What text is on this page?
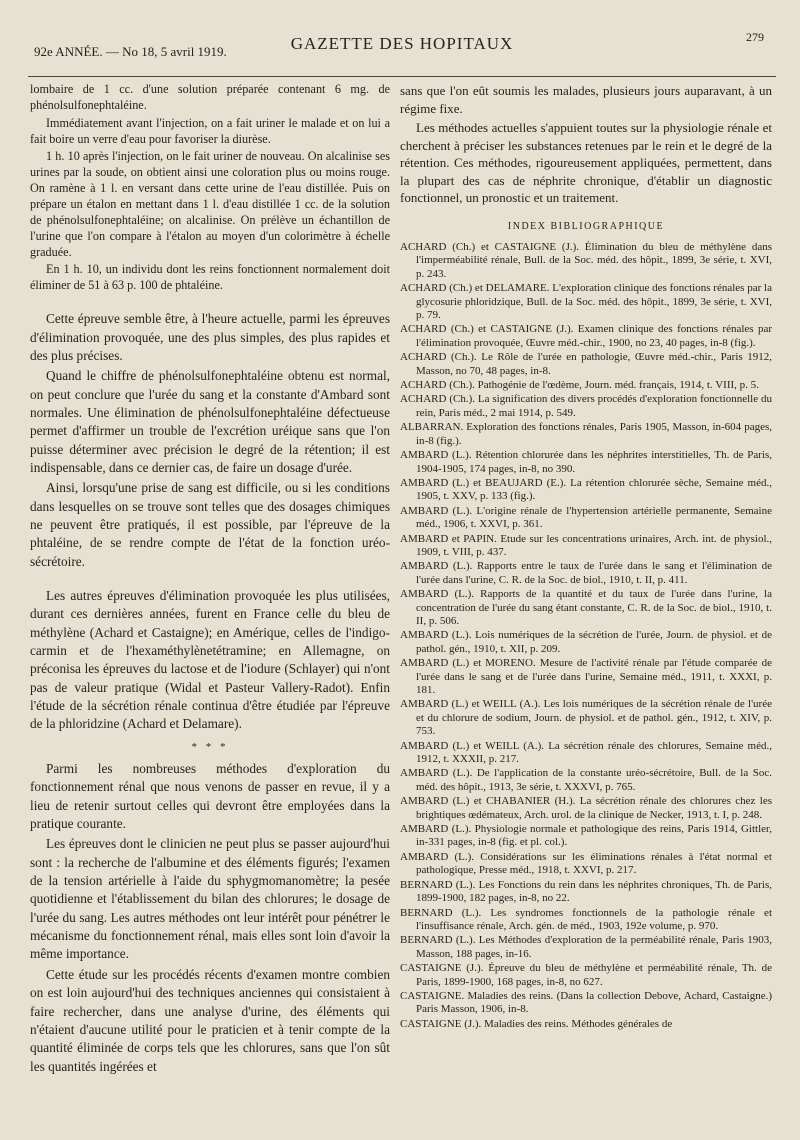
92e ANNÉE. — No 18, 5 avril 1919.	GAZETTE DES HOPITAUX	279

lombaire de 1 cc. d'une solution préparée contenant 6 mg. de phénolsulfonephtaléine.

Immédiatement avant l'injection, on a fait uriner le malade et on lui a fait boire un verre d'eau pour favoriser la diurèse.

1 h. 10 après l'injection, on le fait uriner de nouveau. On alcalinise ses urines par la soude, on obtient ainsi une coloration plus ou moins rouge. On ramène à 1 l. en versant dans cette urine de l'eau distillée. Puis on prépare un étalon en mettant dans 1 l. d'eau distillée 1 cc. de la solution de phénolsulfonephtaléine; on alcalinise. On prélève un échantillon de l'urine que l'on compare à l'étalon au moyen d'un colorimètre à échelle graduée.

En 1 h. 10, un individu dont les reins fonctionnent normalement doit éliminer de 51 à 63 p. 100 de phtaléine.

Cette épreuve semble être, à l'heure actuelle, parmi les épreuves d'élimination provoquée, une des plus simples, des plus rapides et des plus précises.

Quand le chiffre de phénolsulfonephtaléine obtenu est normal, on peut conclure que l'urée du sang et la constante d'Ambard sont normales. Une élimination de phénolsulfonephtaléine défectueuse permet d'affirmer un trouble de l'excrétion uréique sans que l'on puisse déterminer avec précision le degré de la rétention; il est indispensable, dans ce dernier cas, de faire un dosage d'urée.

Ainsi, lorsqu'une prise de sang est difficile, ou si les conditions dans lesquelles on se trouve sont telles que des dosages chimiques ne peuvent être pratiqués, il est possible, par l'épreuve de la phtaléine, de se rendre compte de l'état de la fonction uréo-sécrétoire.

Les autres épreuves d'élimination provoquée les plus utilisées, durant ces dernières années, furent en France celle du bleu de méthylène (Achard et Castaigne); en Amérique, celles de l'indigo-carmin et de l'hexaméthylènetétramine; en Allemagne, on préconisa les épreuves du lactose et de l'iodure (Schlayer) qui n'ont pas de valeur pratique (Widal et Pasteur Vallery-Radot). Enfin l'étude de la sécrétion rénale continua d'être étudiée par l'épreuve de la phloridzine (Achard et Delamare).

* * *

Parmi les nombreuses méthodes d'exploration du fonctionnement rénal que nous venons de passer en revue, il y a lieu de retenir surtout celles qui devront être employées dans la pratique courante.

Les épreuves dont le clinicien ne peut plus se passer aujourd'hui sont : la recherche de l'albumine et des éléments figurés; l'examen de la tension artérielle à l'aide du sphygmomanomètre; la pesée quotidienne et l'établissement du bilan des chlorures; le dosage de l'urée du sang. Les autres méthodes ont leur intérêt pour pénétrer le mécanisme du fonctionnement rénal, mais elles sont loin d'avoir la même importance.

Cette étude sur les procédés récents d'examen montre combien on est loin aujourd'hui des techniques anciennes qui consistaient à faire rechercher, dans une analyse d'urine, des éléments qui n'étaient d'aucune utilité pour le praticien et à tenir compte de la quantité éliminée de corps tels que les chlorures, sans que l'on sût les quantités ingérées et

sans que l'on eût soumis les malades, plusieurs jours auparavant, à un régime fixe.

Les méthodes actuelles s'appuient toutes sur la physiologie rénale et cherchent à préciser les substances retenues par le rein et le degré de la rétention. Ces méthodes, rigoureusement appliquées, permettent, dans la plupart des cas de néphrite chronique, d'établir un diagnostic fonctionnel, un pronostic et un traitement.

INDEX BIBLIOGRAPHIQUE
ACHARD (Ch.) et CASTAIGNE (J.). Élimination du bleu de méthylène dans l'imperméabilité rénale, Bull. de la Soc. méd. des hôpit., 1899, 3e série, t. XVI, p. 243.
ACHARD (Ch.) et DELAMARE. L'exploration clinique des fonctions rénales par la glycosurie phloridzique, Bull. de la Soc. méd. des hôpit., 1899, 3e série, t. XVI, p. 79.
ACHARD (Ch.) et CASTAIGNE (J.). Examen clinique des fonctions rénales par l'élimination provoquée, Œuvre méd.-chir., 1900, no 23, 40 pages, in-8 (fig.).
ACHARD (Ch.). Le Rôle de l'urée en pathologie, Œuvre méd.-chir., Paris 1912, Masson, no 70, 48 pages, in-8.
ACHARD (Ch.). Pathogénie de l'œdème, Journ. méd. français, 1914, t. VIII, p. 5.
ACHARD (Ch.). La signification des divers procédés d'exploration fonctionnelle du rein, Paris méd., 2 mai 1914, p. 549.
ALBARRAN. Exploration des fonctions rénales, Paris 1905, Masson, in-604 pages, in-8 (fig.).
AMBARD (L.). Rétention chlorurée dans les néphrites interstitielles, Th. de Paris, 1904-1905, 174 pages, in-8, no 390.
AMBARD (L.) et BEAUJARD (E.). La rétention chlorurée sèche, Semaine méd., 1905, t. XXV, p. 133 (fig.).
AMBARD (L.). L'origine rénale de l'hypertension artérielle permanente, Semaine méd., 1906, t. XXVI, p. 361.
AMBARD et PAPIN. Etude sur les concentrations urinaires, Arch. int. de physiol., 1909, t. VIII, p. 437.
AMBARD (L.). Rapports entre le taux de l'urée dans le sang et l'élimination de l'urée dans l'urine, C. R. de la Soc. de biol., 1910, t. II, p. 411.
AMBARD (L.). Rapports de la quantité et du taux de l'urée dans l'urine, la concentration de l'urée du sang étant constante, C. R. de la Soc. de biol., 1910, t. II, p. 506.
AMBARD (L.). Lois numériques de la sécrétion de l'urée, Journ. de physiol. et de pathol. gén., 1910, t. XII, p. 209.
AMBARD (L.) et MORENO. Mesure de l'activité rénale par l'étude comparée de l'urée dans le sang et de l'urée dans l'urine, Semaine méd., 1911, t. XXXI, p. 181.
AMBARD (L.) et WEILL (A.). Les lois numériques de la sécrétion rénale de l'urée et du chlorure de sodium, Journ. de physiol. et de pathol. gén., 1912, t. XIV, p. 753.
AMBARD (L.) et WEILL (A.). La sécrétion rénale des chlorures, Semaine méd., 1912, t. XXXII, p. 217.
AMBARD (L.). De l'application de la constante uréo-sécrétoire, Bull. de la Soc. méd. des hôpit., 1913, 3e série, t. XXXVI, p. 765.
AMBARD (L.) et CHABANIER (H.). La sécrétion rénale des chlorures chez les brightiques œdémateux, Arch. urol. de la clinique de Necker, 1913, t. I, p. 248.
AMBARD (L.). Physiologie normale et pathologique des reins, Paris 1914, Gittler, in-331 pages, in-8 (fig. et pl. col.).
AMBARD (L.). Considérations sur les éliminations rénales à l'état normal et pathologique, Presse méd., 1918, t. XXVI, p. 217.
BERNARD (L.). Les Fonctions du rein dans les néphrites chroniques, Th. de Paris, 1899-1900, 182 pages, in-8, no 22.
BERNARD (L.). Les syndromes fonctionnels de la pathologie rénale et l'insuffisance rénale, Arch. gén. de méd., 1903, 192e volume, p. 970.
BERNARD (L.). Les Méthodes d'exploration de la perméabilité rénale, Paris 1903, Masson, 188 pages, in-16.
CASTAIGNE (J.). Épreuve du bleu de méthylène et perméabilité rénale, Th. de Paris, 1899-1900, 168 pages, in-8, no 627.
CASTAIGNE. Maladies des reins. (Dans la collection Debove, Achard, Castaigne.) Paris Masson, 1906, in-8.
CASTAIGNE (J.). Maladies des reins. Méthodes générales de
